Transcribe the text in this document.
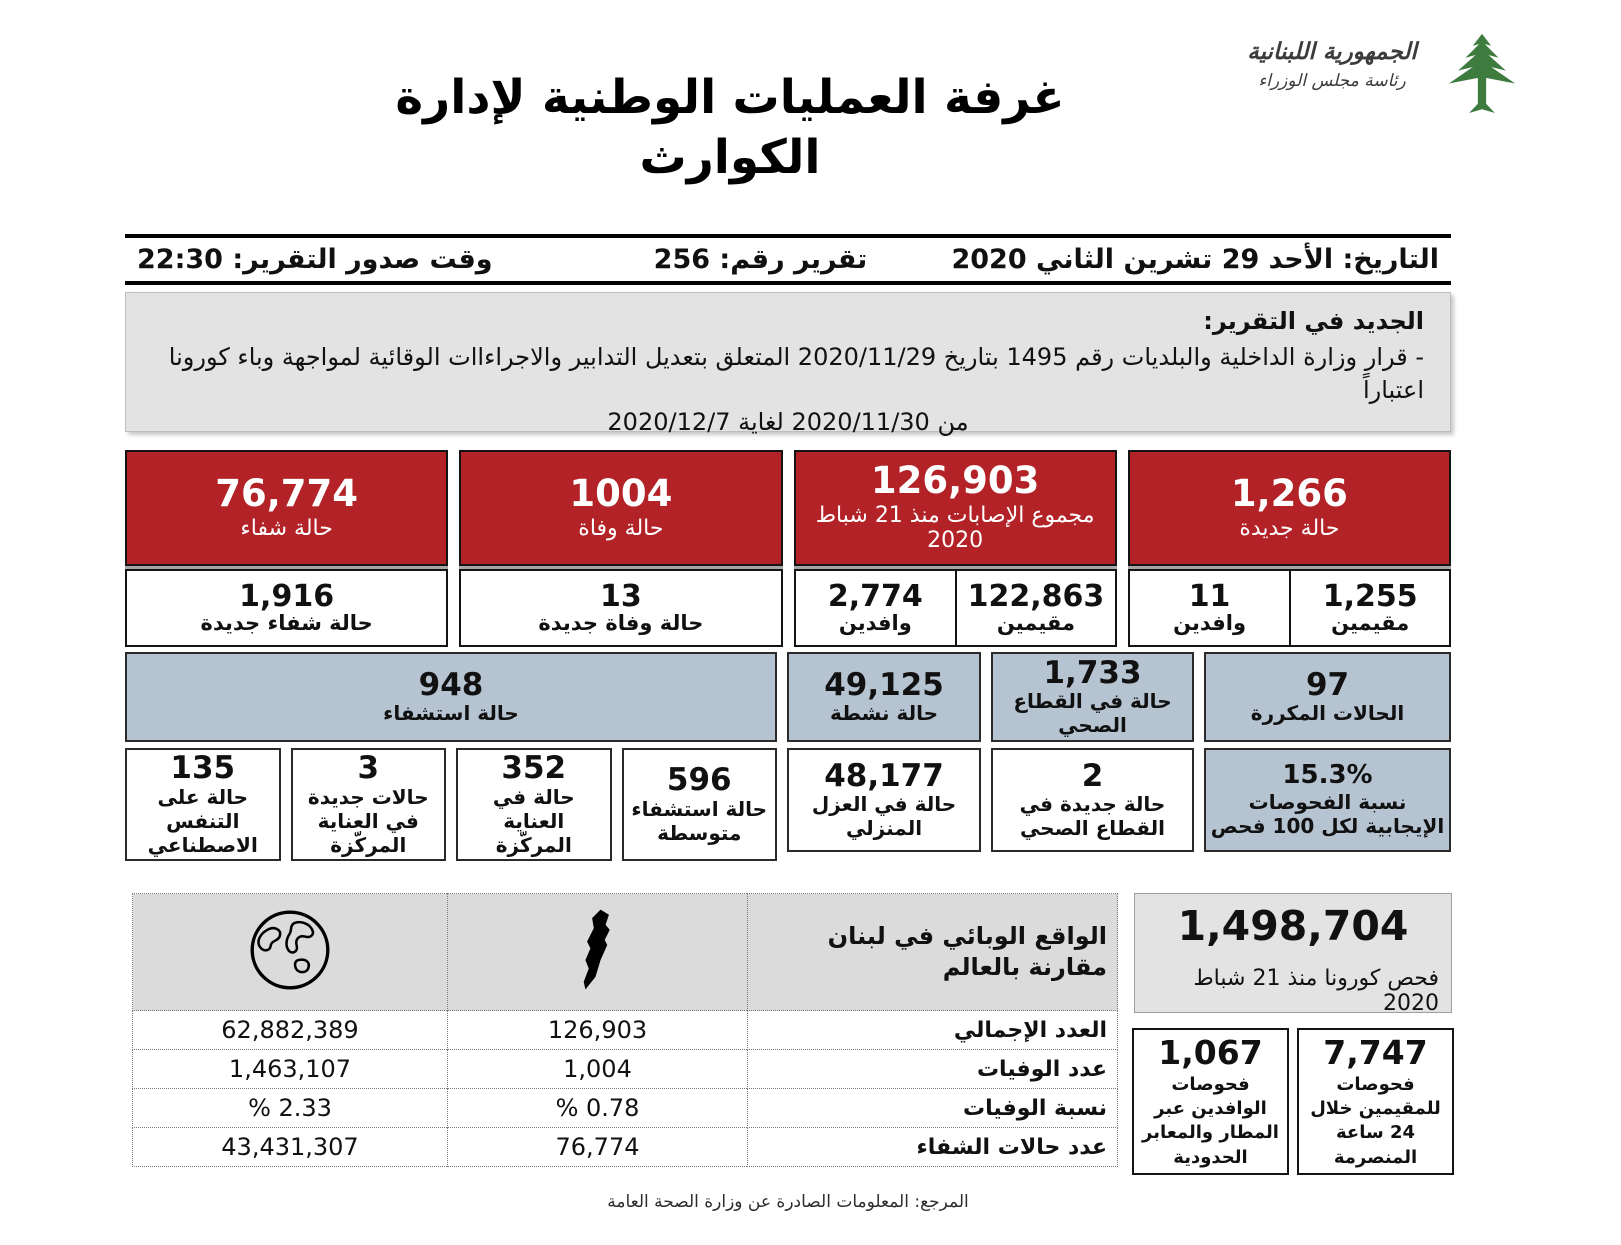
الجمهورية اللبنانية
رئاسة مجلس الوزراء
غرفة العمليات الوطنية لإدارة
الكوارث
التاريخ: الأحد 29 تشرين الثاني 2020
تقرير رقم: 256
وقت صدور التقرير: 22:30
الجديد في التقرير:
- قرار وزارة الداخلية والبلديات رقم 1495 بتاريخ 2020/11/29 المتعلق بتعديل التدابير والاجراءاات الوقائية لمواجهة وباء كورونا اعتباراً
من 2020/11/30 لغاية 2020/12/7
1,266
حالة جديدة
1,255
مقيمين
11
وافدين
126,903
مجموع الإصابات منذ 21 شباط 2020
122,863
مقيمين
2,774
وافدين
1004
حالة وفاة
13
حالة وفاة جديدة
76,774
حالة شفاء
1,916
حالة شفاء جديدة
97
الحالات المكررة
1,733
حالة في القطاع الصحي
49,125
حالة نشطة
948
حالة استشفاء
15.3%
نسبة الفحوصات الإيجابية لكل 100 فحص
2
حالة جديدة في القطاع الصحي
48,177
حالة في العزل المنزلي
596
حالة استشفاء متوسطة
352
حالة في العناية المركّزة
3
حالات جديدة في العناية المركّزة
135
حالة على التنفس الاصطناعي
الواقع الوبائي في لبنان مقارنة بالعالم		
العدد الإجمالي	126,903	62,882,389
عدد الوفيات	1,004	1,463,107
نسبة الوفيات	0.78 %	2.33 %
عدد حالات الشفاء	76,774	43,431,307
1,498,704
فحص كورونا منذ 21 شباط 2020
7,747
فحوصات للمقيمين خلال 24 ساعة المنصرمة
1,067
فحوصات الوافدين عبر المطار والمعابر الحدودية
المرجع: المعلومات الصادرة عن وزارة الصحة العامة
